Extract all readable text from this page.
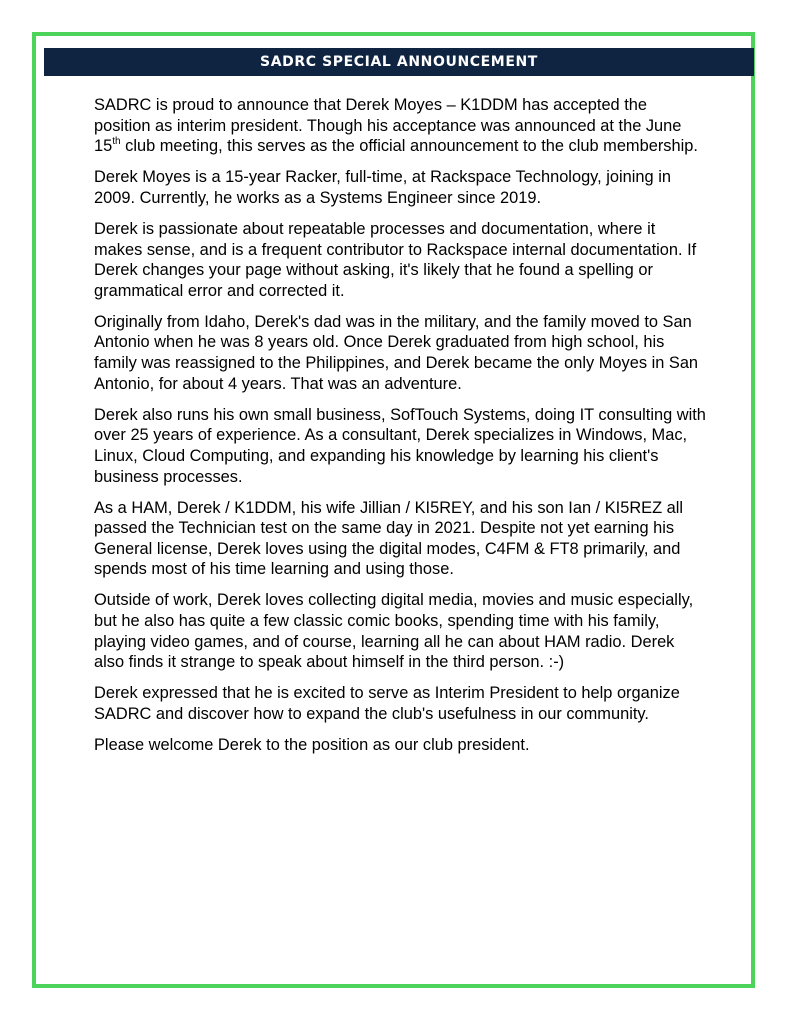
SADRC SPECIAL ANNOUNCEMENT

SADRC is proud to announce that Derek Moyes – K1DDM has accepted the position as interim president. Though his acceptance was announced at the June 15th club meeting, this serves as the official announcement to the club membership.

Derek Moyes is a 15-year Racker, full-time, at Rackspace Technology, joining in 2009. Currently, he works as a Systems Engineer since 2019.

Derek is passionate about repeatable processes and documentation, where it makes sense, and is a frequent contributor to Rackspace internal documentation. If Derek changes your page without asking, it's likely that he found a spelling or grammatical error and corrected it.

Originally from Idaho, Derek's dad was in the military, and the family moved to San Antonio when he was 8 years old. Once Derek graduated from high school, his family was reassigned to the Philippines, and Derek became the only Moyes in San Antonio, for about 4 years. That was an adventure.

Derek also runs his own small business, SofTouch Systems, doing IT consulting with over 25 years of experience. As a consultant, Derek specializes in Windows, Mac, Linux, Cloud Computing, and expanding his knowledge by learning his client's business processes.

As a HAM, Derek / K1DDM, his wife Jillian / KI5REY, and his son Ian / KI5REZ all passed the Technician test on the same day in 2021. Despite not yet earning his General license, Derek loves using the digital modes, C4FM & FT8 primarily, and spends most of his time learning and using those.

Outside of work, Derek loves collecting digital media, movies and music especially, but he also has quite a few classic comic books, spending time with his family, playing video games, and of course, learning all he can about HAM radio. Derek also finds it strange to speak about himself in the third person. :-)

Derek expressed that he is excited to serve as Interim President to help organize SADRC and discover how to expand the club's usefulness in our community.

Please welcome Derek to the position as our club president.
